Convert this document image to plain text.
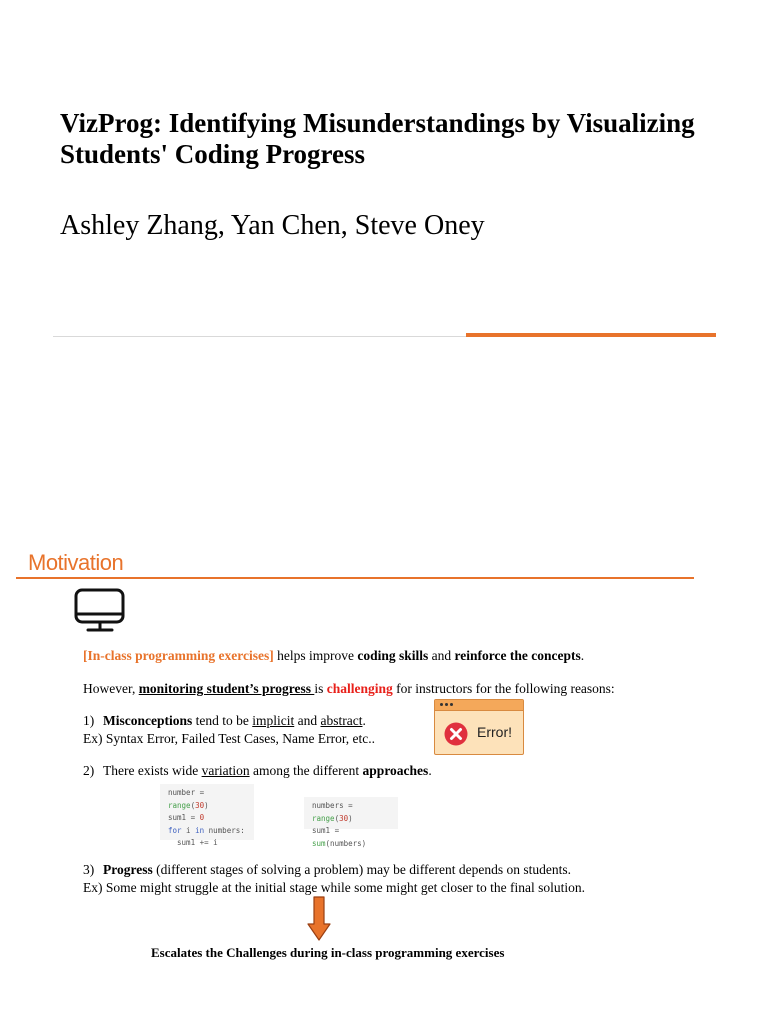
VizProg: Identifying Misunderstandings by Visualizing Students' Coding Progress
Ashley Zhang, Yan Chen, Steve Oney
Motivation
[In-class programming exercises] helps improve coding skills and reinforce the concepts.
However, monitoring student’s progress is challenging for instructors for the following reasons:
1) Misconceptions tend to be implicit and abstract.
Ex) Syntax Error, Failed Test Cases, Name Error, etc..	Error!
2) There exists wide variation among the different approaches.
number = range(30)
sum1 = 0
for i in numbers:
sum1 += i
numbers = range(30)
sum1 = sum(numbers)
3) Progress (different stages of solving a problem) may be different depends on students.
Ex) Some might struggle at the initial stage while some might get closer to the final solution.
Escalates the Challenges during in-class programming exercises
